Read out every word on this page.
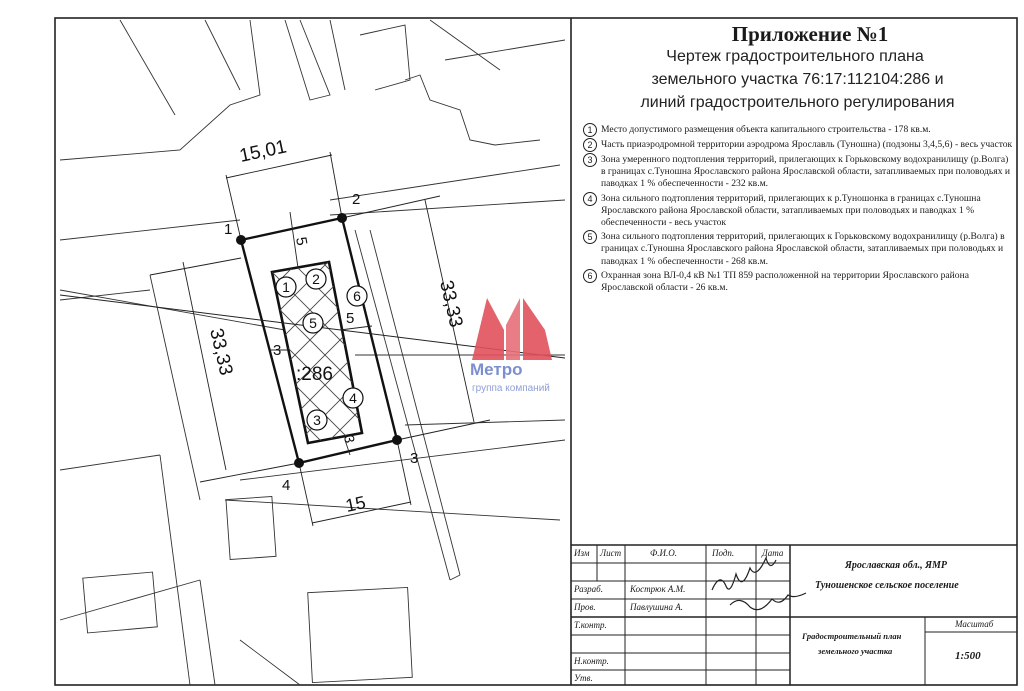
1 2
5
6
3
4
15,01
15
33,33
33,33
5
5
3
3
:286
1
2
3
4
Приложение №1
Чертеж градостроительного плана
земельного участка 76:17:112104:286 и
линий градостроительного регулирования
1 Место допустимого размещения объекта капитального строительства - 178 кв.м.
2 Часть приаэродромной территории аэродрома Ярославль (Туношна) (подзоны 3,4,5,6) - весь участок
3 Зона умеренного подтопления территорий, прилегающих к Горьковскому водохранилищу (р.Волга) в границах с.Туношна Ярославского района Ярославской области, затапливаемых при половодьях и паводках 1 % обеспеченности - 232 кв.м.
4 Зона сильного подтопления территорий, прилегающих к р.Туношонка в границах с.Туношна Ярославского района Ярославской области, затапливаемых при половодьях и паводках 1 % обеспеченности - весь участок
5 Зона сильного подтопления территорий, прилегающих к Горьковскому водохранилищу (р.Волга) в границах с.Туношна Ярославского района Ярославской области, затапливаемых при половодьях и паводках 1 % обеспеченности - 268 кв.м.
6 Охранная зона ВЛ-0,4 кВ №1 ТП 859 расположенной на территории Ярославского района Ярославской области - 26 кв.м.
Метро
группа компаний
Изм Лист	Ф.И.О.	Подп.	Дата
Разраб.	Кострюк А.М.
Пров.	Павлушина А.
Т.контр.
Н.контр.
Утв.
Ярославская обл., ЯМР
Туношенское сельское поселение
Градостроительный план
земельного участка
Масштаб
1:500
